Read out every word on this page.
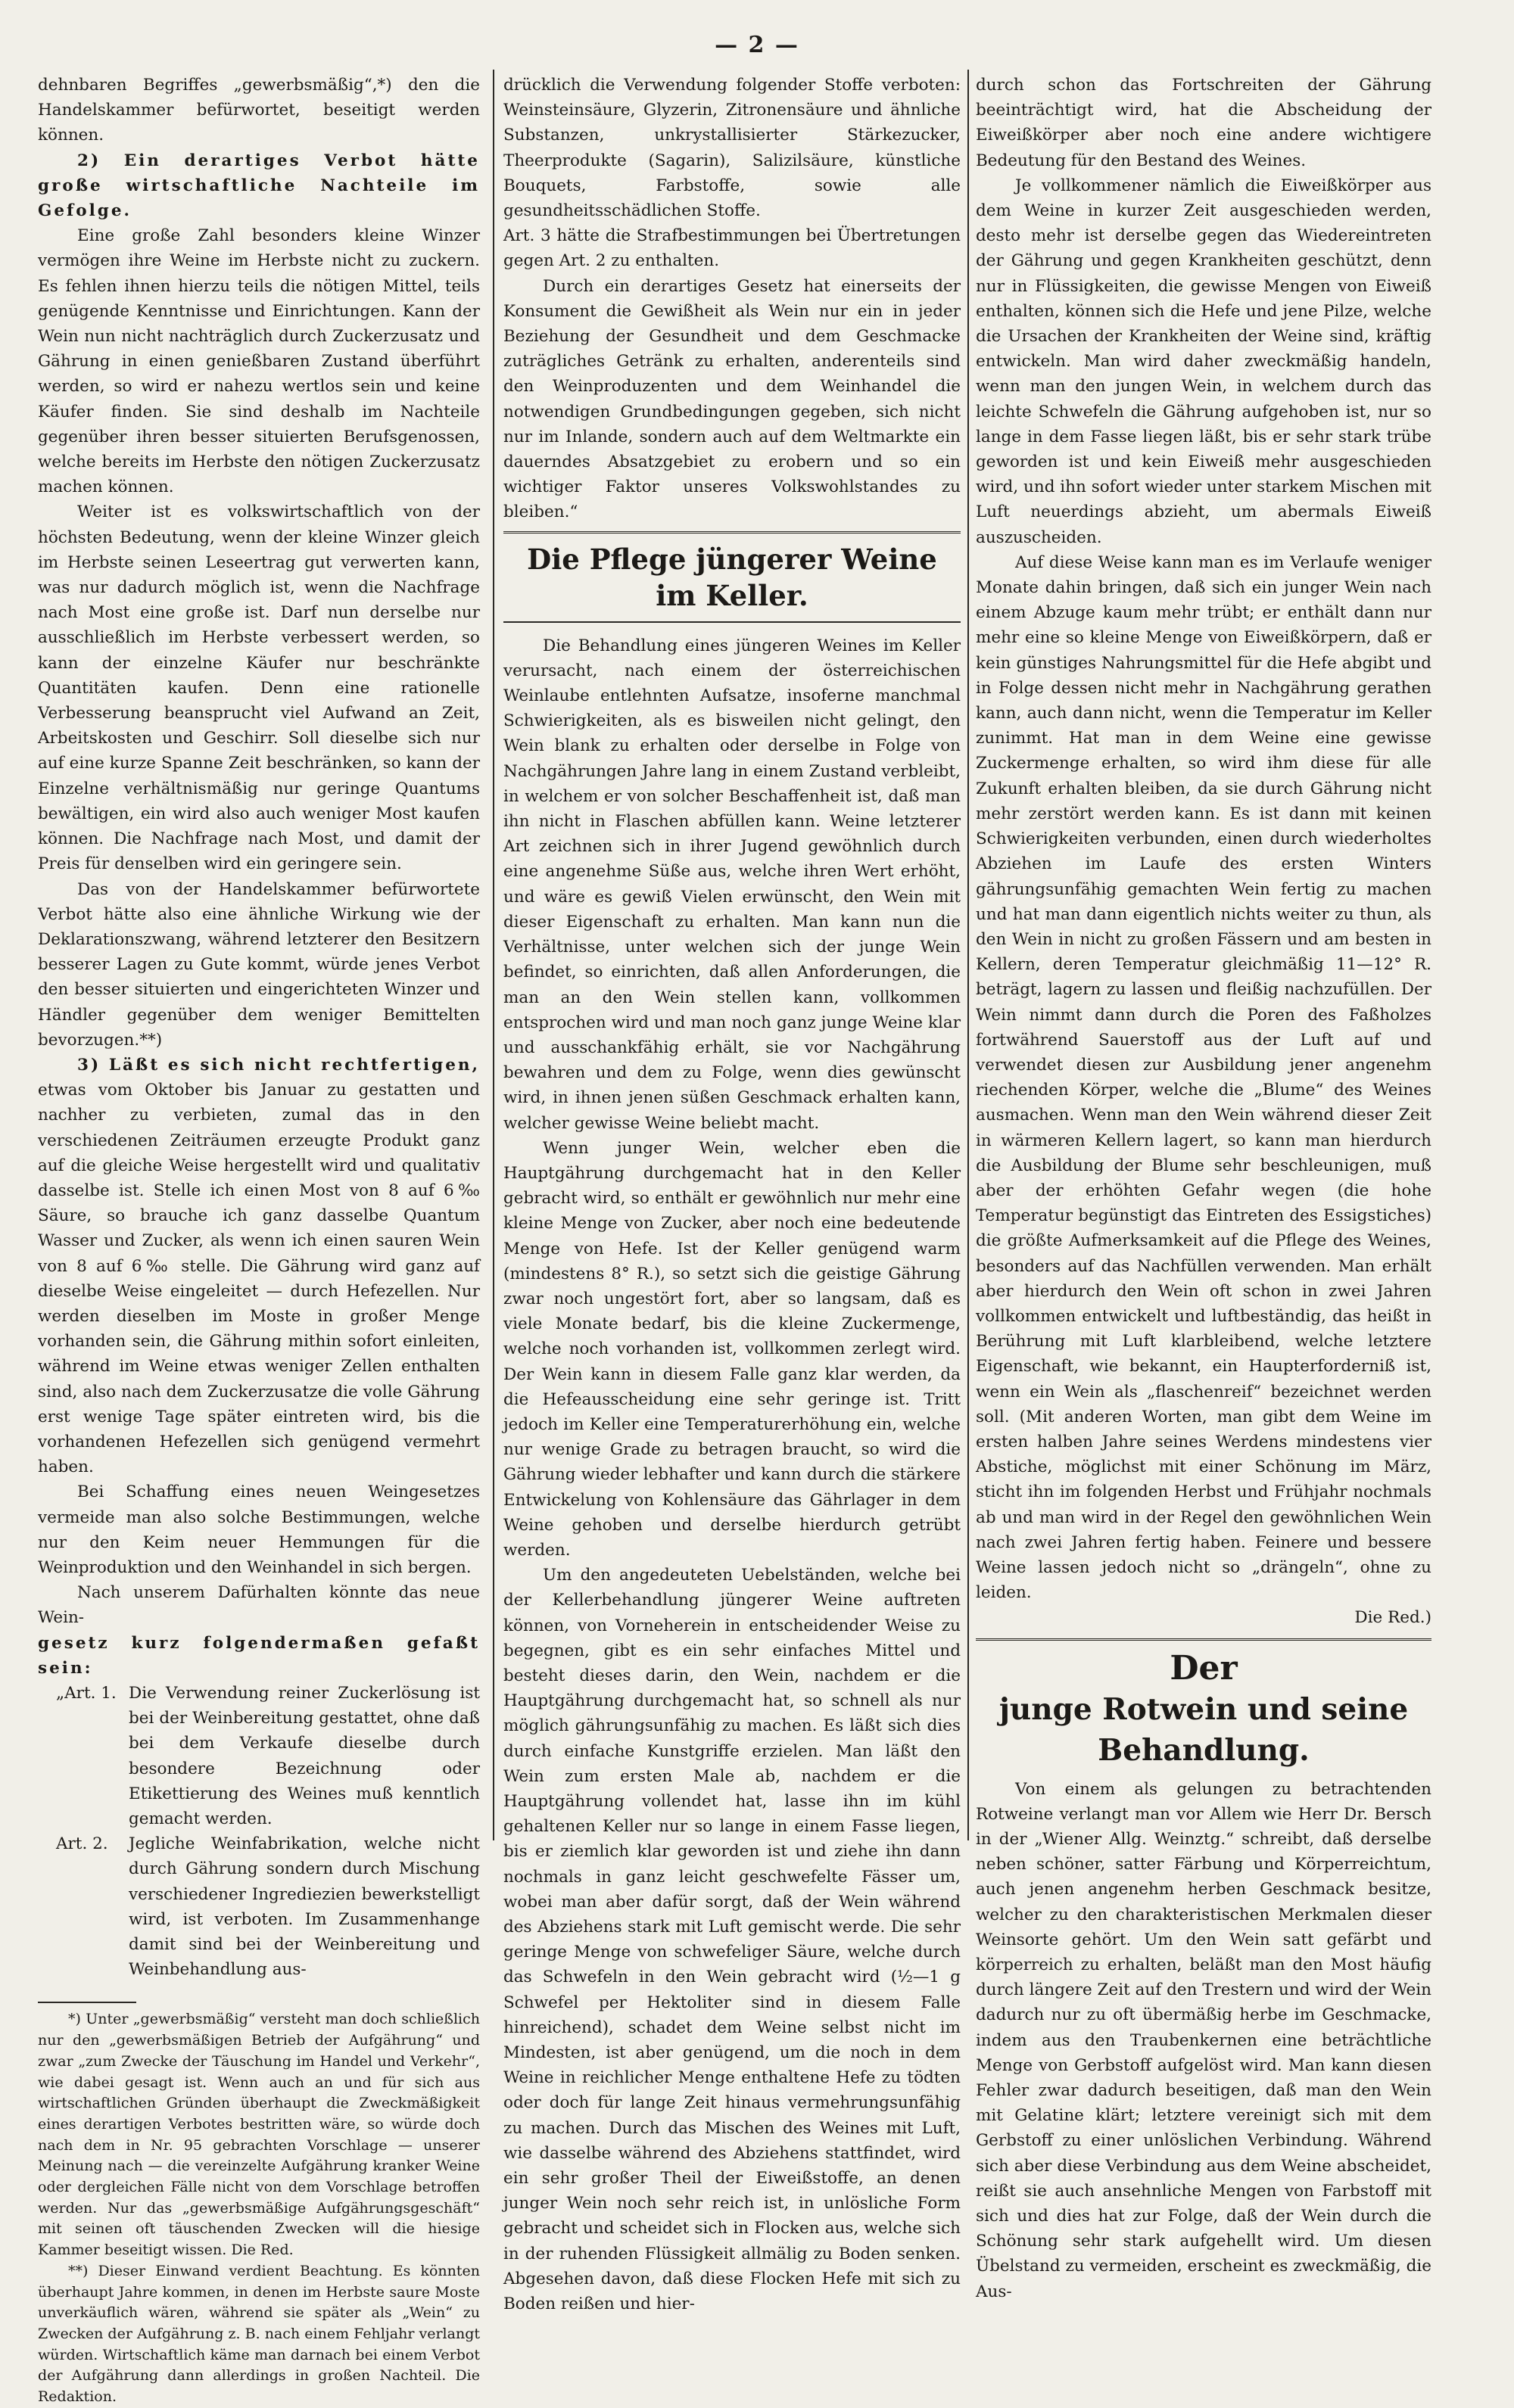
— 2 —

dehnbaren Begriffes „gewerbsmäßig“,*) den die Handelskammer befürwortet, beseitigt werden können.

2) Ein derartiges Verbot hätte große wirtschaftliche Nachteile im Gefolge.

Eine große Zahl besonders kleine Winzer vermögen ihre Weine im Herbste nicht zu zuckern. Es fehlen ihnen hierzu teils die nötigen Mittel, teils genügende Kenntnisse und Einrichtungen. Kann der Wein nun nicht nachträglich durch Zuckerzusatz und Gährung in einen genießbaren Zustand überführt werden, so wird er nahezu wertlos sein und keine Käufer finden. Sie sind deshalb im Nachteile gegenüber ihren besser situierten Berufsgenossen, welche bereits im Herbste den nötigen Zuckerzusatz machen können.

Weiter ist es volkswirtschaftlich von der höchsten Bedeutung, wenn der kleine Winzer gleich im Herbste seinen Leseertrag gut verwerten kann, was nur dadurch möglich ist, wenn die Nachfrage nach Most eine große ist. Darf nun derselbe nur ausschließlich im Herbste verbessert werden, so kann der einzelne Käufer nur beschränkte Quantitäten kaufen. Denn eine rationelle Verbesserung beansprucht viel Aufwand an Zeit, Arbeitskosten und Geschirr. Soll dieselbe sich nur auf eine kurze Spanne Zeit beschränken, so kann der Einzelne verhältnismäßig nur geringe Quantums bewältigen, ein wird also auch weniger Most kaufen können. Die Nachfrage nach Most, und damit der Preis für denselben wird ein geringere sein.

Das von der Handelskammer befürwortete Verbot hätte also eine ähnliche Wirkung wie der Deklarationszwang, während letzterer den Besitzern besserer Lagen zu Gute kommt, würde jenes Verbot den besser situierten und eingerichteten Winzer und Händler gegenüber dem weniger Bemittelten bevorzugen.**)

3) Läßt es sich nicht rechtfertigen, etwas vom Oktober bis Januar zu gestatten und nachher zu verbieten, zumal das in den verschiedenen Zeiträumen erzeugte Produkt ganz auf die gleiche Weise hergestellt wird und qualitativ dasselbe ist. Stelle ich einen Most von 8 auf 6‰ Säure, so brauche ich ganz dasselbe Quantum Wasser und Zucker, als wenn ich einen sauren Wein von 8 auf 6‰ stelle. Die Gährung wird ganz auf dieselbe Weise eingeleitet — durch Hefezellen. Nur werden dieselben im Moste in großer Menge vorhanden sein, die Gährung mithin sofort einleiten, während im Weine etwas weniger Zellen enthalten sind, also nach dem Zuckerzusatze die volle Gährung erst wenige Tage später eintreten wird, bis die vorhandenen Hefezellen sich genügend vermehrt haben.

Bei Schaffung eines neuen Weingesetzes vermeide man also solche Bestimmungen, welche nur den Keim neuer Hemmungen für die Weinproduktion und den Weinhandel in sich bergen.

Nach unserem Dafürhalten könnte das neue Wein-

gesetz kurz folgendermaßen gefaßt sein:

„Art. 1. Die Verwendung reiner Zuckerlösung ist bei der Weinbereitung gestattet, ohne daß bei dem Verkaufe dieselbe durch besondere Bezeichnung oder Etikettierung des Weines muß kenntlich gemacht werden.
Art. 2.	Jegliche Weinfabrikation, welche nicht durch Gährung sondern durch Mischung verschiedener Ingrediezien bewerkstelligt wird, ist verboten. Im Zusammenhange damit sind bei der Weinbereitung und Weinbehandlung aus-

*) Unter „gewerbsmäßig“ versteht man doch schließlich nur den „gewerbsmäßigen Betrieb der Aufgährung“ und zwar „zum Zwecke der Täuschung im Handel und Verkehr“, wie dabei gesagt ist. Wenn auch an und für sich aus wirtschaftlichen Gründen überhaupt die Zweckmäßigkeit eines derartigen Verbotes bestritten wäre, so würde doch nach dem in Nr. 95 gebrachten Vorschlage — unserer Meinung nach — die vereinzelte Aufgährung kranker Weine oder dergleichen Fälle nicht von dem Vorschlage betroffen werden. Nur das „gewerbsmäßige Aufgährungsgeschäft“ mit seinen oft täuschenden Zwecken will die hiesige Kammer beseitigt wissen. Die Red.

**) Dieser Einwand verdient Beachtung. Es könnten überhaupt Jahre kommen, in denen im Herbste saure Moste unverkäuflich wären, während sie später als „Wein“ zu Zwecken der Aufgährung z. B. nach einem Fehljahr verlangt würden. Wirtschaftlich käme man darnach bei einem Verbot der Aufgährung dann allerdings in großen Nachteil. Die Redaktion.

drücklich die Verwendung folgender Stoffe verboten: Weinsteinsäure, Glyzerin, Zitronensäure und ähnliche Substanzen, unkrystallisierter Stärkezucker, Theerprodukte (Sagarin), Salizilsäure, künstliche Bouquets, Farbstoffe, sowie alle gesundheitsschädlichen Stoffe.

Art. 3 hätte die Strafbestimmungen bei Übertretungen gegen Art. 2 zu enthalten.

Durch ein derartiges Gesetz hat einerseits der Konsument die Gewißheit als Wein nur ein in jeder Beziehung der Gesundheit und dem Geschmacke zuträgliches Getränk zu erhalten, anderenteils sind den Weinproduzenten und dem Weinhandel die notwendigen Grundbedingungen gegeben, sich nicht nur im Inlande, sondern auch auf dem Weltmarkte ein dauerndes Absatzgebiet zu erobern und so ein wichtiger Faktor unseres Volkswohlstandes zu bleiben.“

Die Pflege jüngerer Weine im Keller.

Die Behandlung eines jüngeren Weines im Keller verursacht, nach einem der österreichischen Weinlaube entlehnten Aufsatze, insoferne manchmal Schwierigkeiten, als es bisweilen nicht gelingt, den Wein blank zu erhalten oder derselbe in Folge von Nachgährungen Jahre lang in einem Zustand verbleibt, in welchem er von solcher Beschaffenheit ist, daß man ihn nicht in Flaschen abfüllen kann. Weine letzterer Art zeichnen sich in ihrer Jugend gewöhnlich durch eine angenehme Süße aus, welche ihren Wert erhöht, und wäre es gewiß Vielen erwünscht, den Wein mit dieser Eigenschaft zu erhalten. Man kann nun die Verhältnisse, unter welchen sich der junge Wein befindet, so einrichten, daß allen Anforderungen, die man an den Wein stellen kann, vollkommen entsprochen wird und man noch ganz junge Weine klar und ausschankfähig erhält, sie vor Nachgährung bewahren und dem zu Folge, wenn dies gewünscht wird, in ihnen jenen süßen Geschmack erhalten kann, welcher gewisse Weine beliebt macht.

Wenn junger Wein, welcher eben die Hauptgährung durchgemacht hat in den Keller gebracht wird, so enthält er gewöhnlich nur mehr eine kleine Menge von Zucker, aber noch eine bedeutende Menge von Hefe. Ist der Keller genügend warm (mindestens 8° R.), so setzt sich die geistige Gährung zwar noch ungestört fort, aber so langsam, daß es viele Monate bedarf, bis die kleine Zuckermenge, welche noch vorhanden ist, vollkommen zerlegt wird. Der Wein kann in diesem Falle ganz klar werden, da die Hefeausscheidung eine sehr geringe ist. Tritt jedoch im Keller eine Temperaturerhöhung ein, welche nur wenige Grade zu betragen braucht, so wird die Gährung wieder lebhafter und kann durch die stärkere Entwickelung von Kohlensäure das Gährlager in dem Weine gehoben und derselbe hierdurch getrübt werden.

Um den angedeuteten Uebelständen, welche bei der Kellerbehandlung jüngerer Weine auftreten können, von Vorneherein in entscheidender Weise zu begegnen, gibt es ein sehr einfaches Mittel und besteht dieses darin, den Wein, nachdem er die Hauptgährung durchgemacht hat, so schnell als nur möglich gährungsunfähig zu machen. Es läßt sich dies durch einfache Kunstgriffe erzielen. Man läßt den Wein zum ersten Male ab, nachdem er die Hauptgährung vollendet hat, lasse ihn im kühl gehaltenen Keller nur so lange in einem Fasse liegen, bis er ziemlich klar geworden ist und ziehe ihn dann nochmals in ganz leicht geschwefelte Fässer um, wobei man aber dafür sorgt, daß der Wein während des Abziehens stark mit Luft gemischt werde. Die sehr geringe Menge von schwefeliger Säure, welche durch das Schwefeln in den Wein gebracht wird (½—1 g Schwefel per Hektoliter sind in diesem Falle hinreichend), schadet dem Weine selbst nicht im Mindesten, ist aber genügend, um die noch in dem Weine in reichlicher Menge enthaltene Hefe zu tödten oder doch für lange Zeit hinaus vermehrungsunfähig zu machen. Durch das Mischen des Weines mit Luft, wie dasselbe während des Abziehens stattfindet, wird ein sehr großer Theil der Eiweißstoffe, an denen junger Wein noch sehr reich ist, in unlösliche Form gebracht und scheidet sich in Flocken aus, welche sich in der ruhenden Flüssigkeit allmälig zu Boden senken. Abgesehen davon, daß diese Flocken Hefe mit sich zu Boden reißen und hier-

durch schon das Fortschreiten der Gährung beeinträchtigt wird, hat die Abscheidung der Eiweißkörper aber noch eine andere wichtigere Bedeutung für den Bestand des Weines.

Je vollkommener nämlich die Eiweißkörper aus dem Weine in kurzer Zeit ausgeschieden werden, desto mehr ist derselbe gegen das Wiedereintreten der Gährung und gegen Krankheiten geschützt, denn nur in Flüssigkeiten, die gewisse Mengen von Eiweiß enthalten, können sich die Hefe und jene Pilze, welche die Ursachen der Krankheiten der Weine sind, kräftig entwickeln. Man wird daher zweckmäßig handeln, wenn man den jungen Wein, in welchem durch das leichte Schwefeln die Gährung aufgehoben ist, nur so lange in dem Fasse liegen läßt, bis er sehr stark trübe geworden ist und kein Eiweiß mehr ausgeschieden wird, und ihn sofort wieder unter starkem Mischen mit Luft neuerdings abzieht, um abermals Eiweiß auszuscheiden.

Auf diese Weise kann man es im Verlaufe weniger Monate dahin bringen, daß sich ein junger Wein nach einem Abzuge kaum mehr trübt; er enthält dann nur mehr eine so kleine Menge von Eiweißkörpern, daß er kein günstiges Nahrungsmittel für die Hefe abgibt und in Folge dessen nicht mehr in Nachgährung gerathen kann, auch dann nicht, wenn die Temperatur im Keller zunimmt. Hat man in dem Weine eine gewisse Zuckermenge erhalten, so wird ihm diese für alle Zukunft erhalten bleiben, da sie durch Gährung nicht mehr zerstört werden kann. Es ist dann mit keinen Schwierigkeiten verbunden, einen durch wiederholtes Abziehen im Laufe des ersten Winters gährungsunfähig gemachten Wein fertig zu machen und hat man dann eigentlich nichts weiter zu thun, als den Wein in nicht zu großen Fässern und am besten in Kellern, deren Temperatur gleichmäßig 11—12° R. beträgt, lagern zu lassen und fleißig nachzufüllen. Der Wein nimmt dann durch die Poren des Faßholzes fortwährend Sauerstoff aus der Luft auf und verwendet diesen zur Ausbildung jener angenehm riechenden Körper, welche die „Blume“ des Weines ausmachen. Wenn man den Wein während dieser Zeit in wärmeren Kellern lagert, so kann man hierdurch die Ausbildung der Blume sehr beschleunigen, muß aber der erhöhten Gefahr wegen (die hohe Temperatur begünstigt das Eintreten des Essigstiches) die größte Aufmerksamkeit auf die Pflege des Weines, besonders auf das Nachfüllen verwenden. Man erhält aber hierdurch den Wein oft schon in zwei Jahren vollkommen entwickelt und luftbeständig, das heißt in Berührung mit Luft klarbleibend, welche letztere Eigenschaft, wie bekannt, ein Haupterforderniß ist, wenn ein Wein als „flaschenreif“ bezeichnet werden soll. (Mit anderen Worten, man gibt dem Weine im ersten halben Jahre seines Werdens mindestens vier Abstiche, möglichst mit einer Schönung im März, sticht ihn im folgenden Herbst und Frühjahr nochmals ab und man wird in der Regel den gewöhnlichen Wein nach zwei Jahren fertig haben. Feinere und bessere Weine lassen jedoch nicht so „drängeln“, ohne zu leiden.

Die Red.)

Der
junge Rotwein und seine Behandlung.

Von einem als gelungen zu betrachtenden Rotweine verlangt man vor Allem wie Herr Dr. Bersch in der „Wiener Allg. Weinztg.“ schreibt, daß derselbe neben schöner, satter Färbung und Körperreichtum, auch jenen angenehm herben Geschmack besitze, welcher zu den charakteristischen Merkmalen dieser Weinsorte gehört. Um den Wein satt gefärbt und körperreich zu erhalten, beläßt man den Most häufig durch längere Zeit auf den Trestern und wird der Wein dadurch nur zu oft übermäßig herbe im Geschmacke, indem aus den Traubenkernen eine beträchtliche Menge von Gerbstoff aufgelöst wird. Man kann diesen Fehler zwar dadurch beseitigen, daß man den Wein mit Gelatine klärt; letztere vereinigt sich mit dem Gerbstoff zu einer unlöslichen Verbindung. Während sich aber diese Verbindung aus dem Weine abscheidet, reißt sie auch ansehnliche Mengen von Farbstoff mit sich und dies hat zur Folge, daß der Wein durch die Schönung sehr stark aufgehellt wird. Um diesen Übelstand zu vermeiden, erscheint es zweckmäßig, die Aus-
